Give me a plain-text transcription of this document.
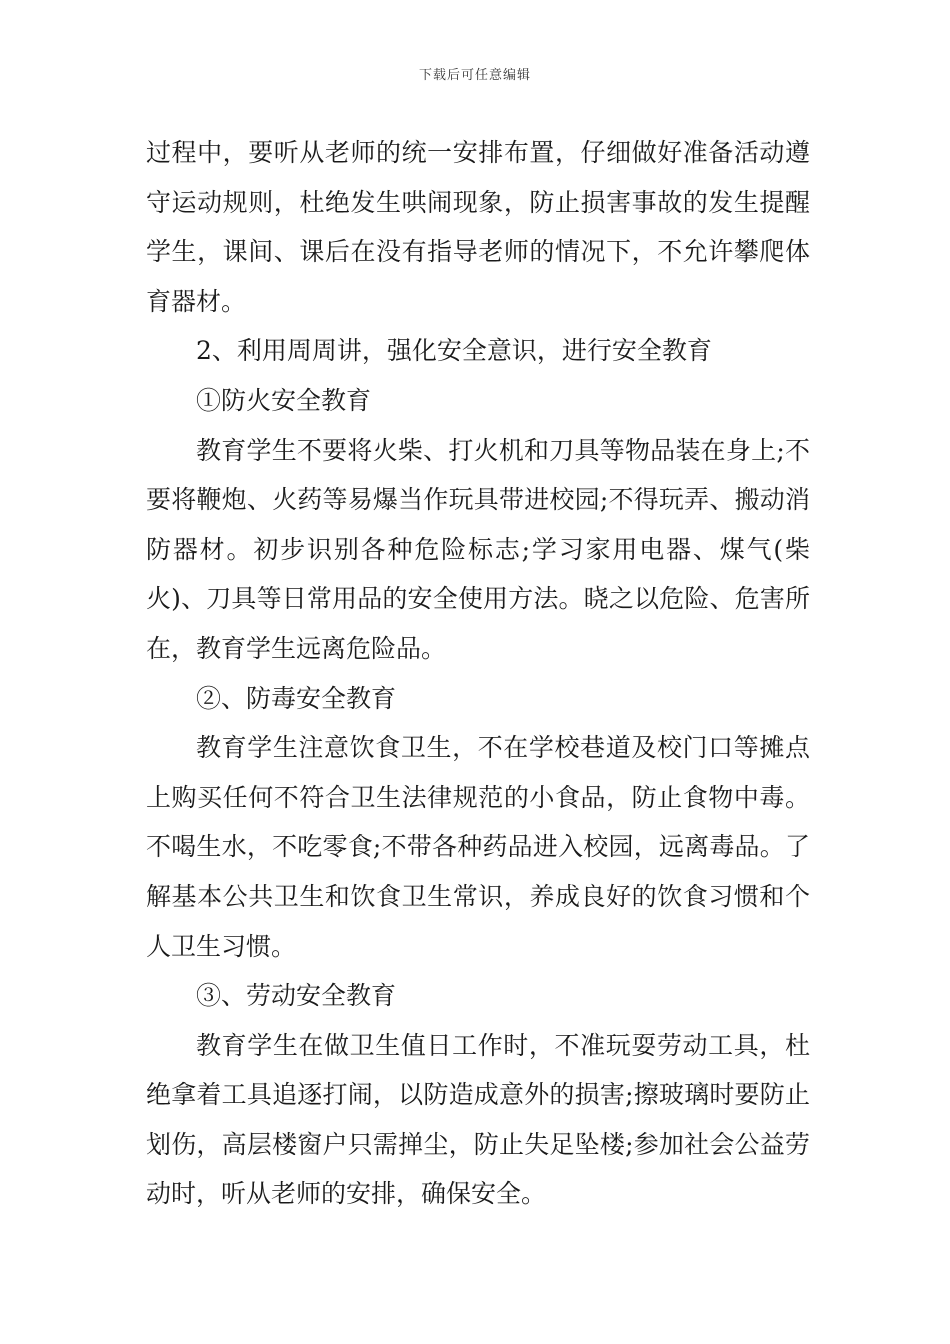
下载后可任意编辑

过程中，要听从老师的统一安排布置，仔细做好准备活动遵守运动规则，杜绝发生哄闹现象，防止损害事故的发生提醒学生，课间、课后在没有指导老师的情况下，不允许攀爬体育器材。

2、利用周周讲，强化安全意识，进行安全教育

①防火安全教育

教育学生不要将火柴、打火机和刀具等物品装在身上;不要将鞭炮、火药等易爆当作玩具带进校园;不得玩弄、搬动消防器材。初步识别各种危险标志;学习家用电器、煤气(柴火)、刀具等日常用品的安全使用方法。晓之以危险、危害所在，教育学生远离危险品。

②、防毒安全教育

教育学生注意饮食卫生，不在学校巷道及校门口等摊点上购买任何不符合卫生法律规范的小食品，防止食物中毒。不喝生水，不吃零食;不带各种药品进入校园，远离毒品。了解基本公共卫生和饮食卫生常识，养成良好的饮食习惯和个人卫生习惯。

③、劳动安全教育

教育学生在做卫生值日工作时，不准玩耍劳动工具，杜绝拿着工具追逐打闹，以防造成意外的损害;擦玻璃时要防止划伤，高层楼窗户只需掸尘，防止失足坠楼;参加社会公益劳动时，听从老师的安排，确保安全。
